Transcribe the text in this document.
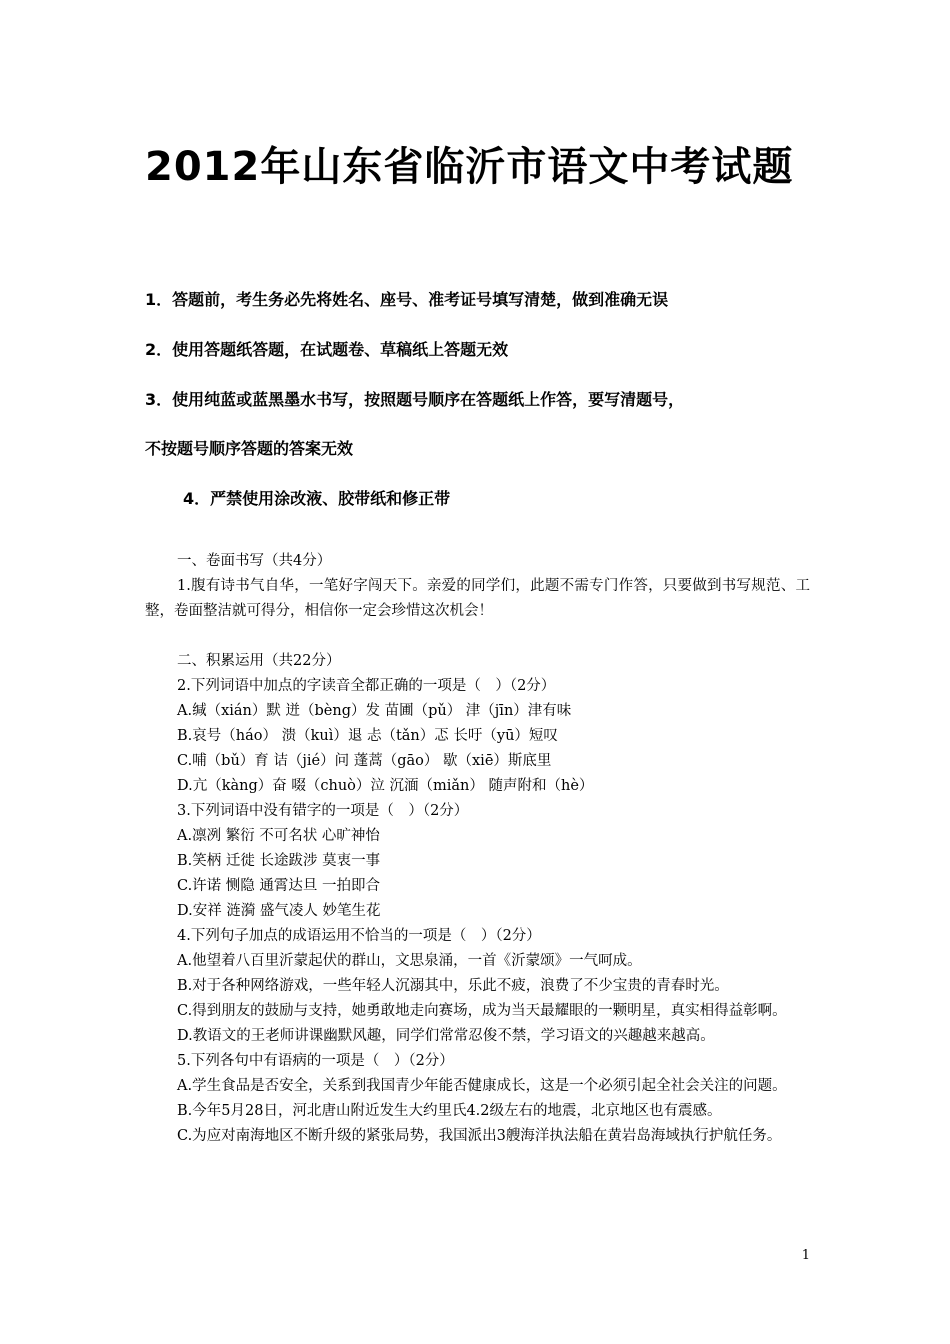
2012年山东省临沂市语文中考试题
1．答题前，考生务必先将姓名、座号、准考证号填写清楚，做到准确无误
2．使用答题纸答题，在试题卷、草稿纸上答题无效
3．使用纯蓝或蓝黑墨水书写，按照题号顺序在答题纸上作答，要写清题号，
不按题号顺序答题的答案无效
4．严禁使用涂改液、胶带纸和修正带

一、卷面书写（共4分）

1.腹有诗书气自华，一笔好字闯天下。亲爱的同学们，此题不需专门作答，只要做到书写规范、工整，卷面整洁就可得分，相信你一定会珍惜这次机会！

二、积累运用（共22分）

2.下列词语中加点的字读音全都正确的一项是（　）（2分）

A.缄（xián）默 迸（bèng）发 苗圃（pǔ） 津（jīn）津有味

B.哀号（háo） 溃（kuì）退 忐（tǎn）忑 长吁（yū）短叹

C.哺（bǔ）育 诘（jié）问 蓬蒿（gāo） 歇（xiē）斯底里

D.亢（kàng）奋 啜（chuò）泣 沉湎（miǎn） 随声附和（hè）

3.下列词语中没有错字的一项是（　）（2分）

A.凛冽 繁衍 不可名状 心旷神怡

B.笑柄 迁徙 长途跋涉 莫衷一事

C.许诺 恻隐 通霄达旦 一拍即合

D.安祥 涟漪 盛气凌人 妙笔生花

4.下列句子加点的成语运用不恰当的一项是（　）（2分）

A.他望着八百里沂蒙起伏的群山，文思泉涌，一首《沂蒙颂》一气呵成。

B.对于各种网络游戏，一些年轻人沉溺其中，乐此不疲，浪费了不少宝贵的青春时光。

C.得到朋友的鼓励与支持，她勇敢地走向赛场，成为当天最耀眼的一颗明星，真实相得益彰啊。

D.教语文的王老师讲课幽默风趣，同学们常常忍俊不禁，学习语文的兴趣越来越高。

5.下列各句中有语病的一项是（　）（2分）

A.学生食品是否安全，关系到我国青少年能否健康成长，这是一个必须引起全社会关注的问题。

B.今年5月28日，河北唐山附近发生大约里氏4.2级左右的地震，北京地区也有震感。

C.为应对南海地区不断升级的紧张局势，我国派出3艘海洋执法船在黄岩岛海域执行护航任务。

1
